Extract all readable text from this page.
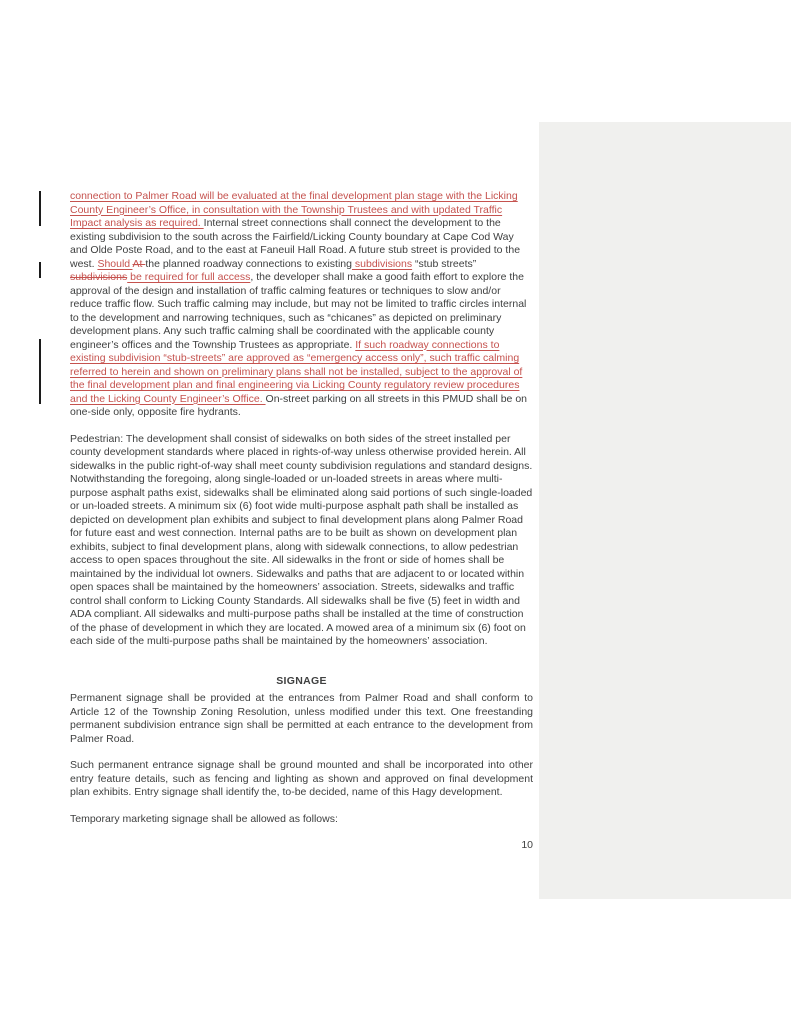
connection to Palmer Road will be evaluated at the final development plan stage with the Licking County Engineer’s Office, in consultation with the Township Trustees and with updated Traffic Impact analysis as required. Internal street connections shall connect the development to the existing subdivision to the south across the Fairfield/Licking County boundary at Cape Cod Way and Olde Poste Road, and to the east at Faneuil Hall Road. A future stub street is provided to the west. Should At the planned roadway connections to existing subdivisions “stub streets” subdivisions be required for full access, the developer shall make a good faith effort to explore the approval of the design and installation of traffic calming features or techniques to slow and/or reduce traffic flow. Such traffic calming may include, but may not be limited to traffic circles internal to the development and narrowing techniques, such as “chicanes” as depicted on preliminary development plans. Any such traffic calming shall be coordinated with the applicable county engineer’s offices and the Township Trustees as appropriate. If such roadway connections to existing subdivision “stub-streets” are approved as “emergency access only”, such traffic calming referred to herein and shown on preliminary plans shall not be installed, subject to the approval of the final development plan and final engineering via Licking County regulatory review procedures and the Licking County Engineer’s Office. On-street parking on all streets in this PMUD shall be on one-side only, opposite fire hydrants.

Pedestrian: The development shall consist of sidewalks on both sides of the street installed per county development standards where placed in rights-of-way unless otherwise provided herein. All sidewalks in the public right-of-way shall meet county subdivision regulations and standard designs. Notwithstanding the foregoing, along single-loaded or un-loaded streets in areas where multi-purpose asphalt paths exist, sidewalks shall be eliminated along said portions of such single-loaded or un-loaded streets. A minimum six (6) foot wide multi-purpose asphalt path shall be installed as depicted on development plan exhibits and subject to final development plans along Palmer Road for future east and west connection. Internal paths are to be built as shown on development plan exhibits, subject to final development plans, along with sidewalk connections, to allow pedestrian access to open spaces throughout the site. All sidewalks in the front or side of homes shall be maintained by the individual lot owners. Sidewalks and paths that are adjacent to or located within open spaces shall be maintained by the homeowners’ association. Streets, sidewalks and traffic control shall conform to Licking County Standards. All sidewalks shall be five (5) feet in width and ADA compliant. All sidewalks and multi-purpose paths shall be installed at the time of construction of the phase of development in which they are located. A mowed area of a minimum six (6) foot on each side of the multi-purpose paths shall be maintained by the homeowners’ association.

SIGNAGE

Permanent signage shall be provided at the entrances from Palmer Road and shall conform to Article 12 of the Township Zoning Resolution, unless modified under this text. One freestanding permanent subdivision entrance sign shall be permitted at each entrance to the development from Palmer Road.

Such permanent entrance signage shall be ground mounted and shall be incorporated into other entry feature details, such as fencing and lighting as shown and approved on final development plan exhibits. Entry signage shall identify the, to-be decided, name of this Hagy development.

Temporary marketing signage shall be allowed as follows:

10
